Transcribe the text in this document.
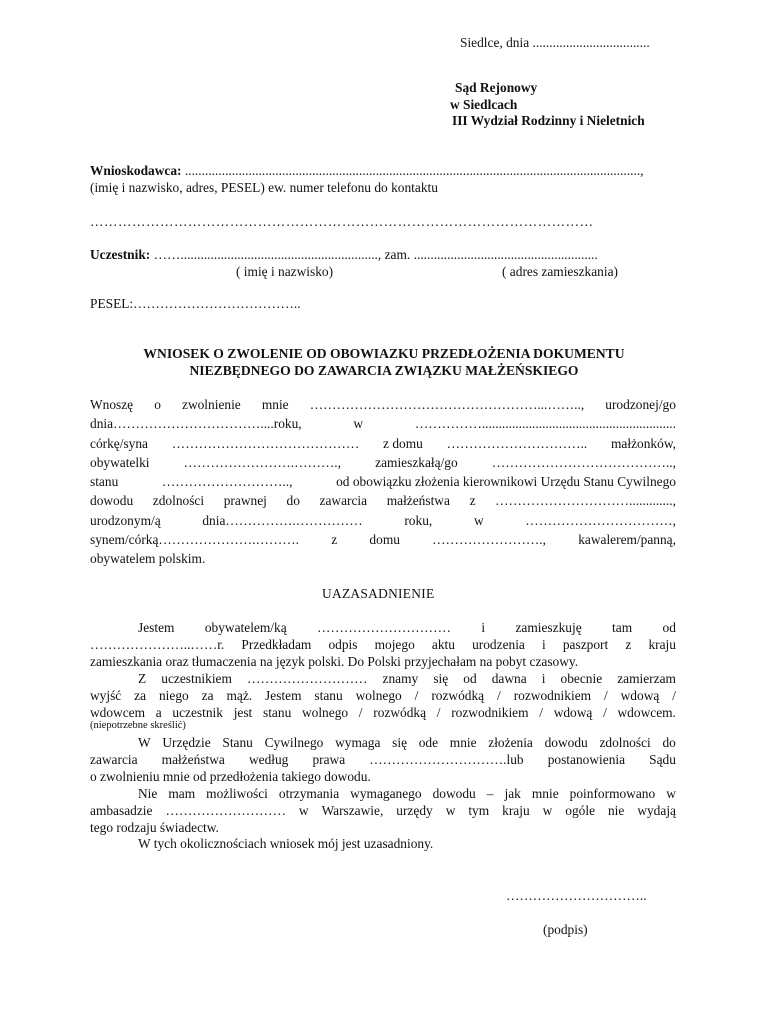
Siedlce, dnia ...................................
Sąd Rejonowy
w Siedlcach
III Wydział Rodzinny i Nieletnich
Wnioskodawca: ........................................................................................................................................,
(imię i nazwisko, adres, PESEL) ew. numer telefonu do kontaktu
………………………………………………………………………………………………
Uczestnik: ……..........................................................., zam. .......................................................
( imię i nazwisko)	( adres zamieszkania)
PESEL:………………………………..
WNIOSEK O ZWOLENIE OD OBOWIAZKU PRZEDŁOŻENIA DOKUMENTU
NIEZBĘDNEGO DO ZAWARCIA ZWIĄZKU MAŁŻEŃSKIEGO
Wnoszę o zwolnienie mnie ……………………………………………...…….., urodzonej/go
dnia……………………………....roku,	w	……………..........................................................
córkę/syna …………………………………… z domu ………………………….. małżonków,
obywatelki	…………………….……….,	zamieszkałą/go	…………………………………..,
stanu	………………………..,	od obowiązku złożenia kierownikowi Urzędu Stanu Cywilnego
dowodu zdolności prawnej do zawarcia małżeństwa z ………………………….............,
urodzonym/ą	dnia…………….……………	roku,	w	……………………………,
synem/córką………………….………. z domu ……………………., kawalerem/panną,
obywatelem polskim.
UAZASADNIENIE
Jestem obywatelem/ką ………………………… i zamieszkuję tam od
…………………..……r. Przedkładam odpis mojego aktu urodzenia i paszport z kraju
zamieszkania oraz tłumaczenia na język polski. Do Polski przyjechałam na pobyt czasowy.
Z uczestnikiem ……………………… znamy się od dawna i obecnie zamierzam
wyjść za niego za mąż. Jestem stanu wolnego / rozwódką / rozwodnikiem / wdową /
wdowcem a uczestnik jest stanu wolnego / rozwódką / rozwodnikiem / wdową / wdowcem.
(niepotrzebne skreślić)
W Urzędzie Stanu Cywilnego wymaga się ode mnie złożenia dowodu zdolności do
zawarcia małżeństwa według prawa ………………………….lub postanowienia Sądu
o zwolnieniu mnie od przedłożenia takiego dowodu.
Nie mam możliwości otrzymania wymaganego dowodu – jak mnie poinformowano w
ambasadzie ……………………… w Warszawie, urzędy w tym kraju w ogóle nie wydają
tego rodzaju świadectw.
W tych okolicznościach wniosek mój jest uzasadniony.
…………………………..
(podpis)
